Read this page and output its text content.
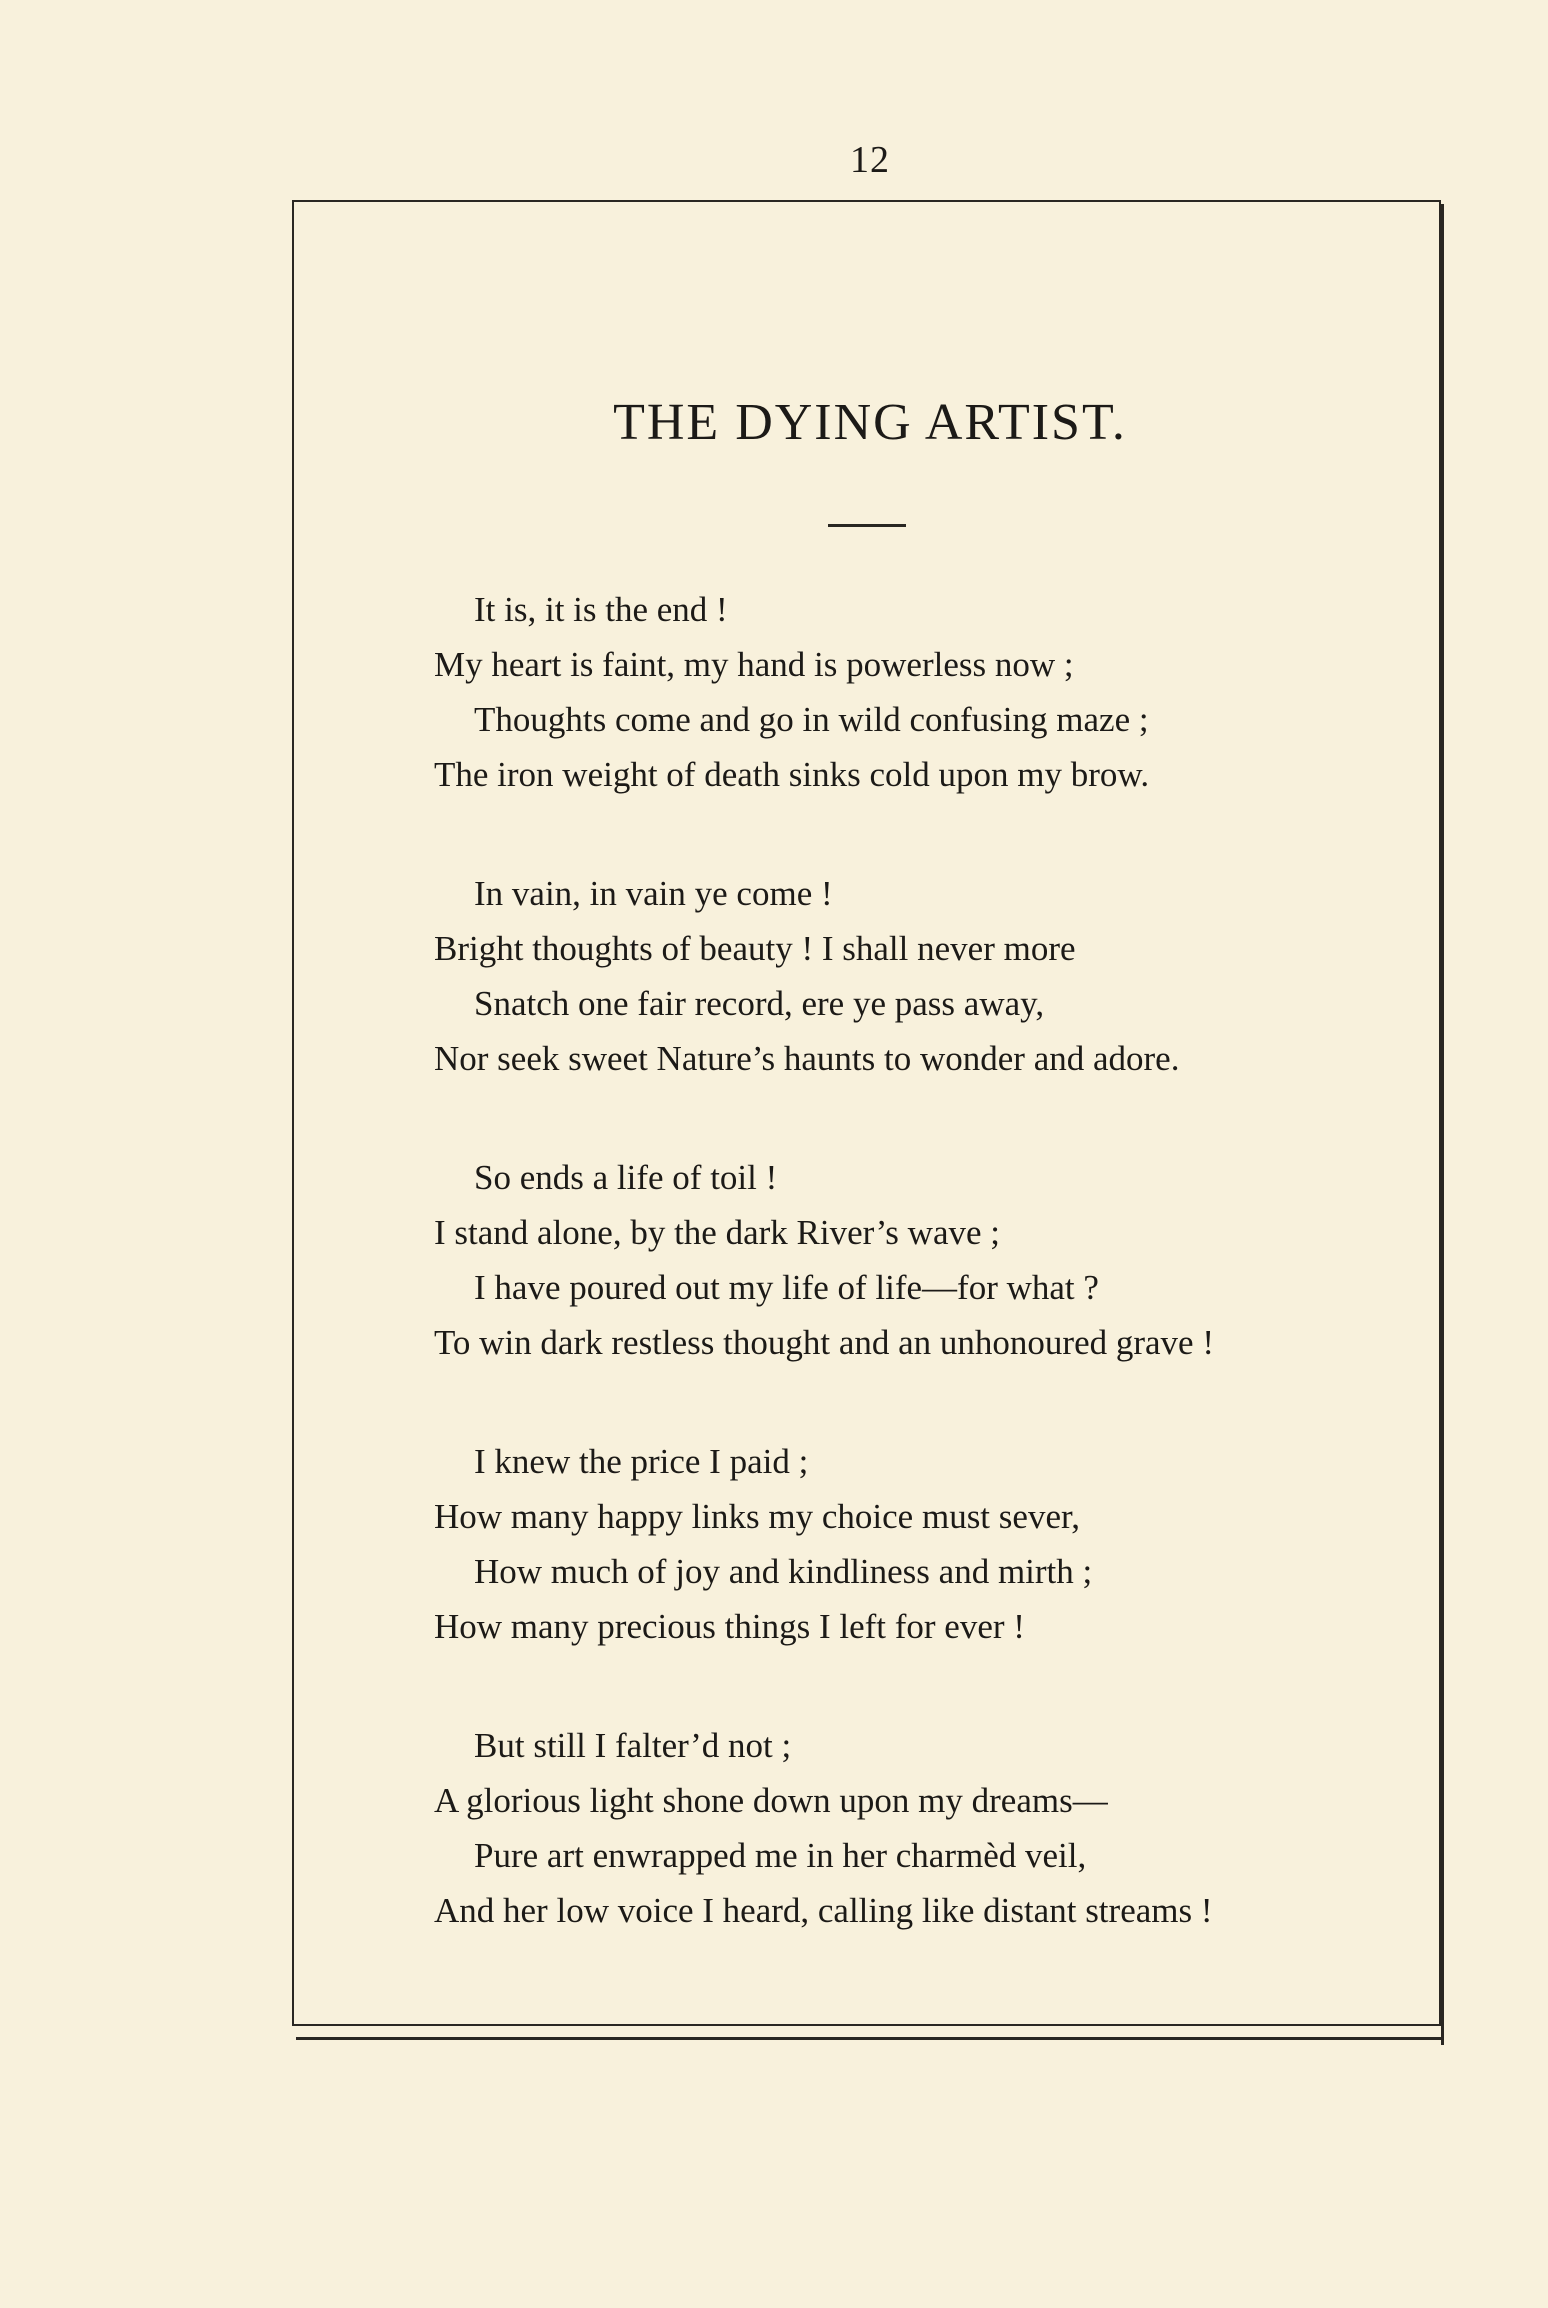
12
THE DYING ARTIST.
It is, it is the end !
My heart is faint, my hand is powerless now ;
Thoughts come and go in wild confusing maze ;
The iron weight of death sinks cold upon my brow.
In vain, in vain ye come !
Bright thoughts of beauty ! I shall never more
Snatch one fair record, ere ye pass away,
Nor seek sweet Nature’s haunts to wonder and adore.
So ends a life of toil !
I stand alone, by the dark River’s wave ;
I have poured out my life of life—for what ?
To win dark restless thought and an unhonoured grave !
I knew the price I paid ;
How many happy links my choice must sever,
How much of joy and kindliness and mirth ;
How many precious things I left for ever !
But still I falter’d not ;
A glorious light shone down upon my dreams—
Pure art enwrapped me in her charmèd veil,
And her low voice I heard, calling like distant streams !
